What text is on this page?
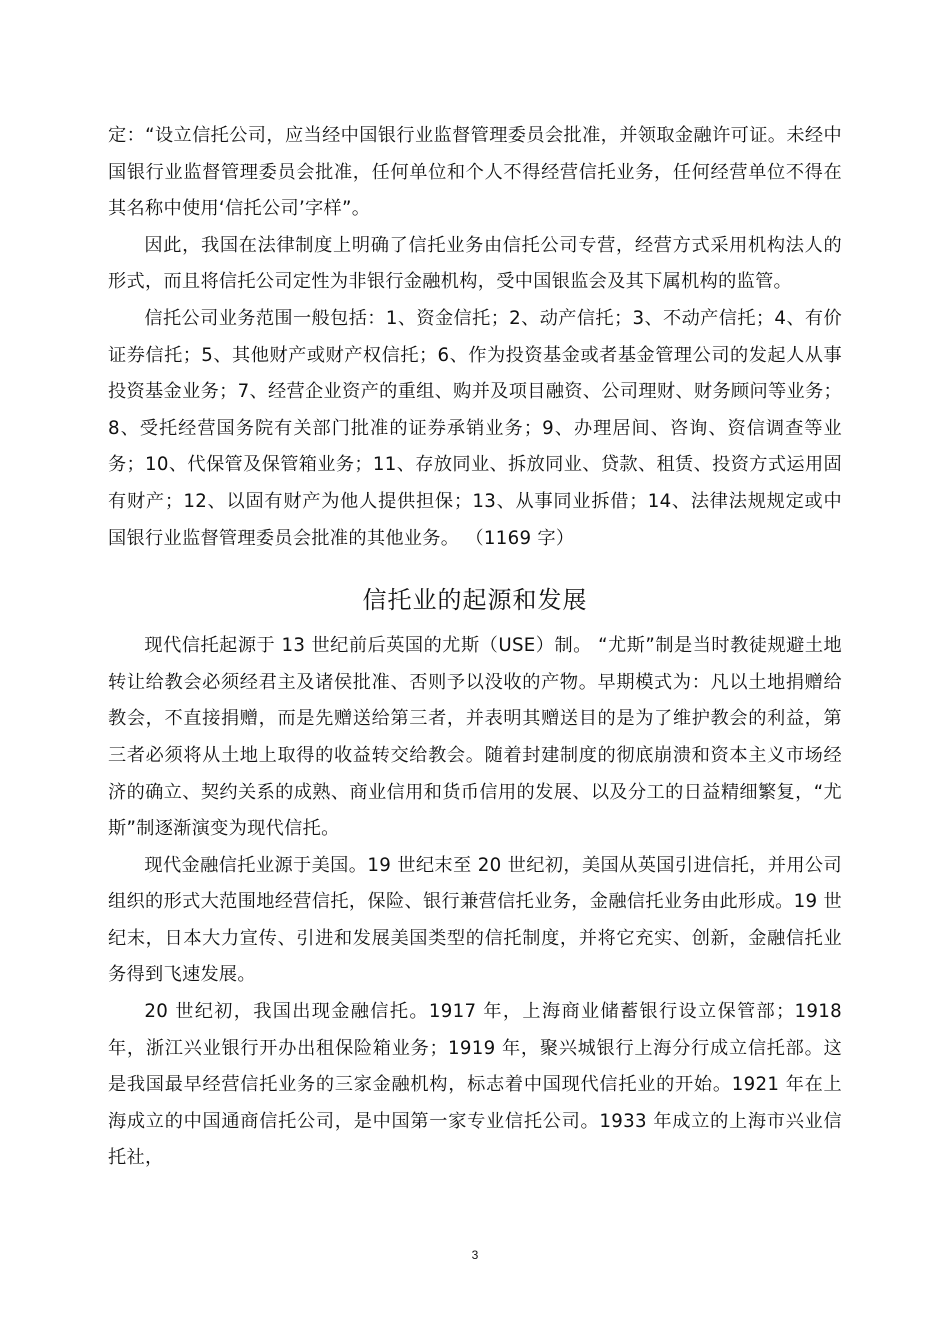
定：“设立信托公司，应当经中国银行业监督管理委员会批准，并领取金融许可证。未经中国银行业监督管理委员会批准，任何单位和个人不得经营信托业务，任何经营单位不得在其名称中使用‘信托公司’字样”。

因此，我国在法律制度上明确了信托业务由信托公司专营，经营方式采用机构法人的形式，而且将信托公司定性为非银行金融机构，受中国银监会及其下属机构的监管。

信托公司业务范围一般包括：1、资金信托；2、动产信托；3、不动产信托；4、有价证券信托；5、其他财产或财产权信托；6、作为投资基金或者基金管理公司的发起人从事投资基金业务；7、经营企业资产的重组、购并及项目融资、公司理财、财务顾问等业务；8、受托经营国务院有关部门批准的证券承销业务；9、办理居间、咨询、资信调查等业务；10、代保管及保管箱业务；11、存放同业、拆放同业、贷款、租赁、投资方式运用固有财产；12、以固有财产为他人提供担保；13、从事同业拆借；14、法律法规规定或中国银行业监督管理委员会批准的其他业务。 （1169 字）

信托业的起源和发展

现代信托起源于 13 世纪前后英国的尤斯（USE）制。 “尤斯”制是当时教徒规避土地转让给教会必须经君主及诸侯批准、否则予以没收的产物。早期模式为：凡以土地捐赠给教会，不直接捐赠，而是先赠送给第三者，并表明其赠送目的是为了维护教会的利益，第三者必须将从土地上取得的收益转交给教会。随着封建制度的彻底崩溃和资本主义市场经济的确立、契约关系的成熟、商业信用和货币信用的发展、以及分工的日益精细繁复，“尤斯”制逐渐演变为现代信托。

现代金融信托业源于美国。19 世纪末至 20 世纪初，美国从英国引进信托，并用公司组织的形式大范围地经营信托，保险、银行兼营信托业务，金融信托业务由此形成。19 世纪末，日本大力宣传、引进和发展美国类型的信托制度，并将它充实、创新，金融信托业务得到飞速发展。

20 世纪初，我国出现金融信托。1917 年，上海商业储蓄银行设立保管部；1918 年，浙江兴业银行开办出租保险箱业务；1919 年，聚兴城银行上海分行成立信托部。这是我国最早经营信托业务的三家金融机构，标志着中国现代信托业的开始。1921 年在上海成立的中国通商信托公司，是中国第一家专业信托公司。1933 年成立的上海市兴业信托社，

3
